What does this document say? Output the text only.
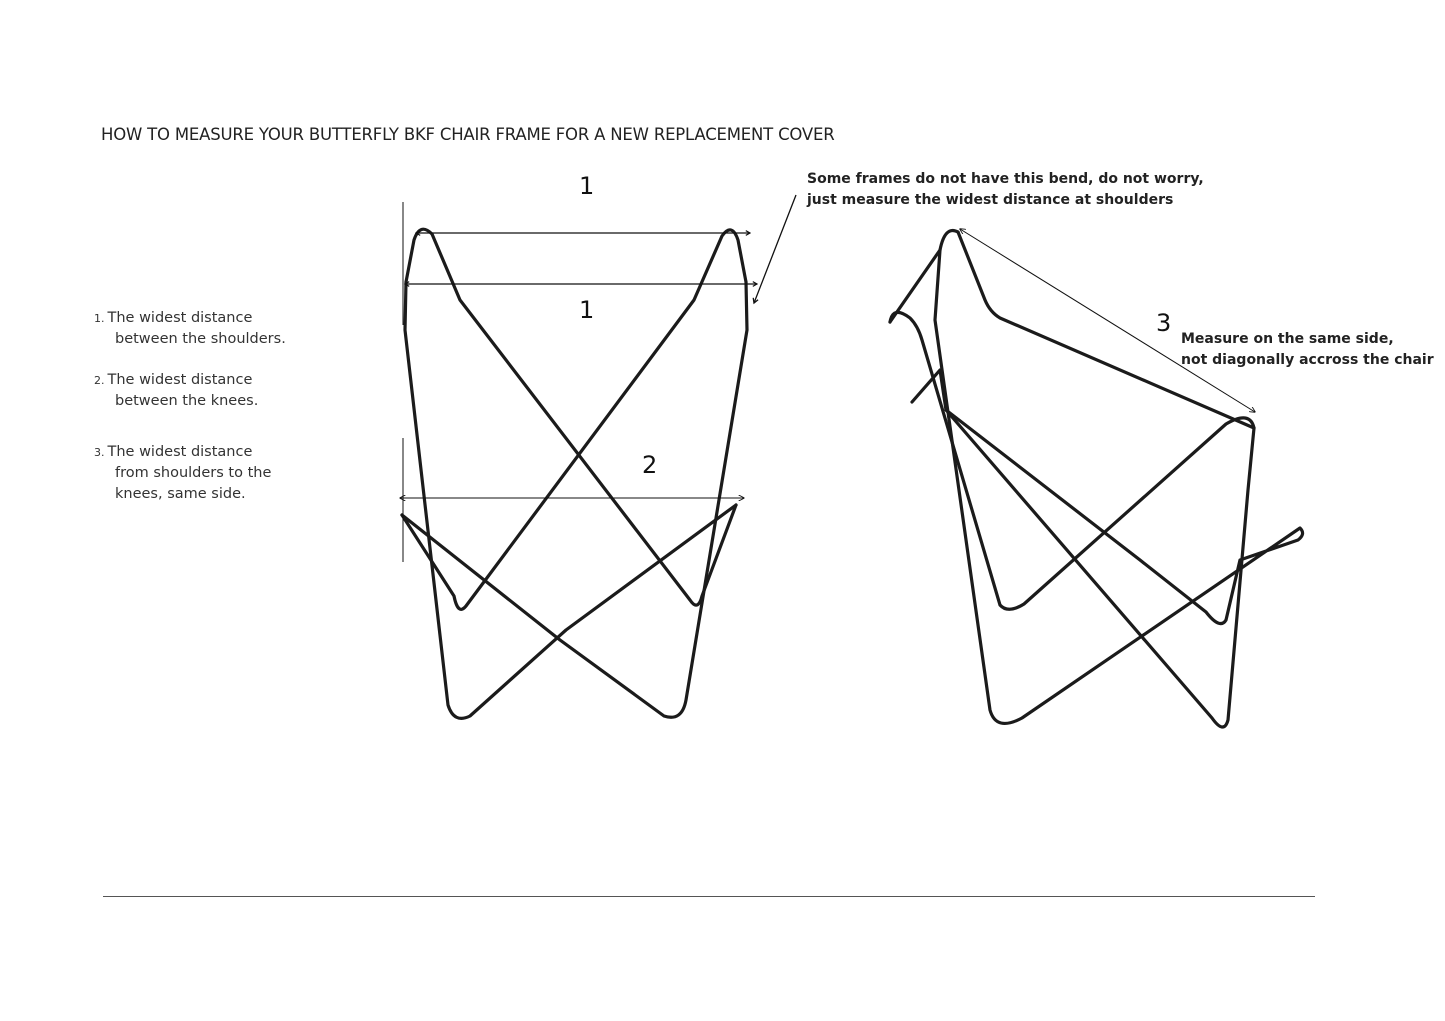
HOW TO MEASURE YOUR BUTTERFLY BKF CHAIR FRAME FOR A NEW REPLACEMENT COVER
1. The widest distance
between the shoulders.
2. The widest distance
between the knees.
3. The widest distance
from shoulders to the
knees, same side.
Some frames do not have this bend, do not worry,
just measure the widest distance at shoulders
Measure on the same side,
not diagonally accross the chair
1
1
2
3
